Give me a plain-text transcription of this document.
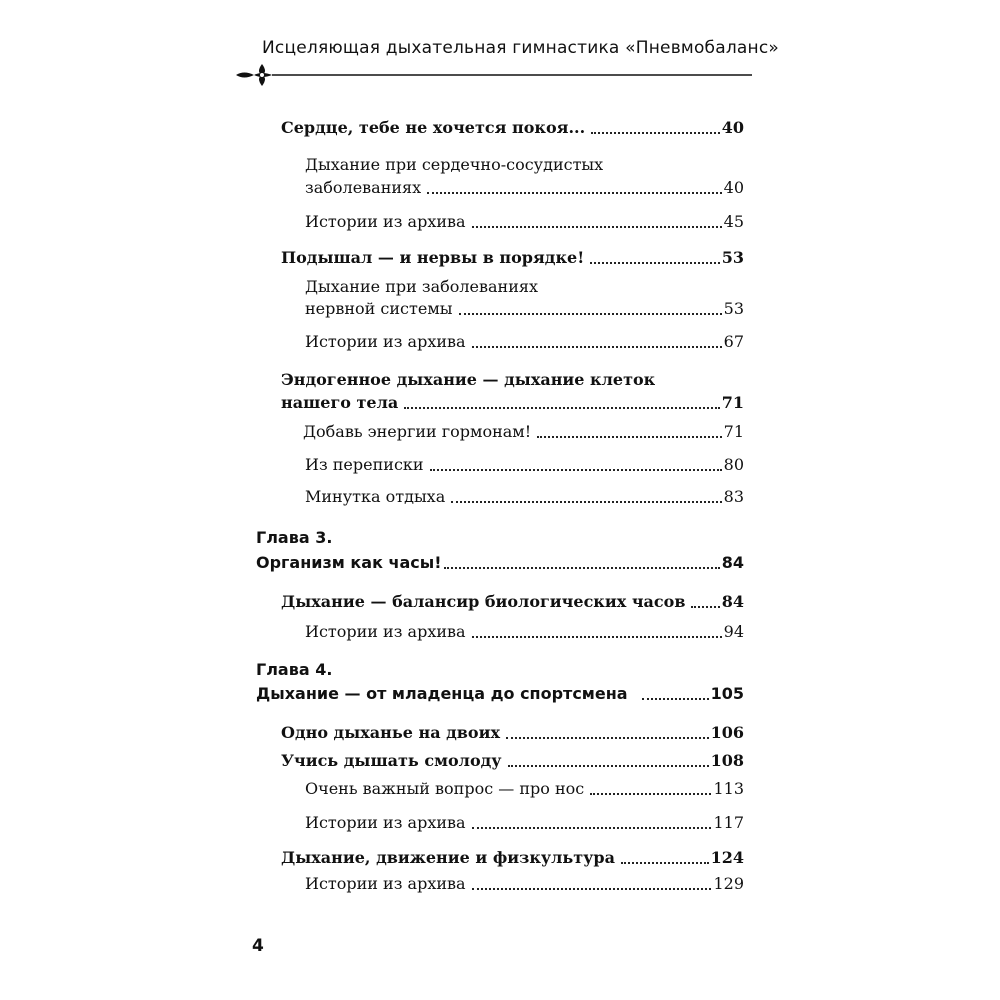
Исцеляющая дыхательная гимнастика «Пневмобаланс»
Сердце, тебе не хочется покоя...	40
Дыхание при сердечно-сосудистых
заболеваниях	40
Истории из архива	45
Подышал — и нервы в порядке!	53
Дыхание при заболеваниях
нервной системы	53
Истории из архива	67
Эндогенное дыхание — дыхание клеток
нашего тела	71
Добавь энергии гормонам!	71
Из переписки	80
Минутка отдыха	83
Глава 3.
Организм как часы!	84
Дыхание — балансир биологических часов 84
Истории из архива	94
Глава 4.
Дыхание — от младенца до спортсмена	105
Одно дыханье на двоих	106
Учись дышать смолоду	108
Очень важный вопрос — про нос	113
Истории из архива	117
Дыхание, движение и физкультура	124
Истории из архива	129
4
